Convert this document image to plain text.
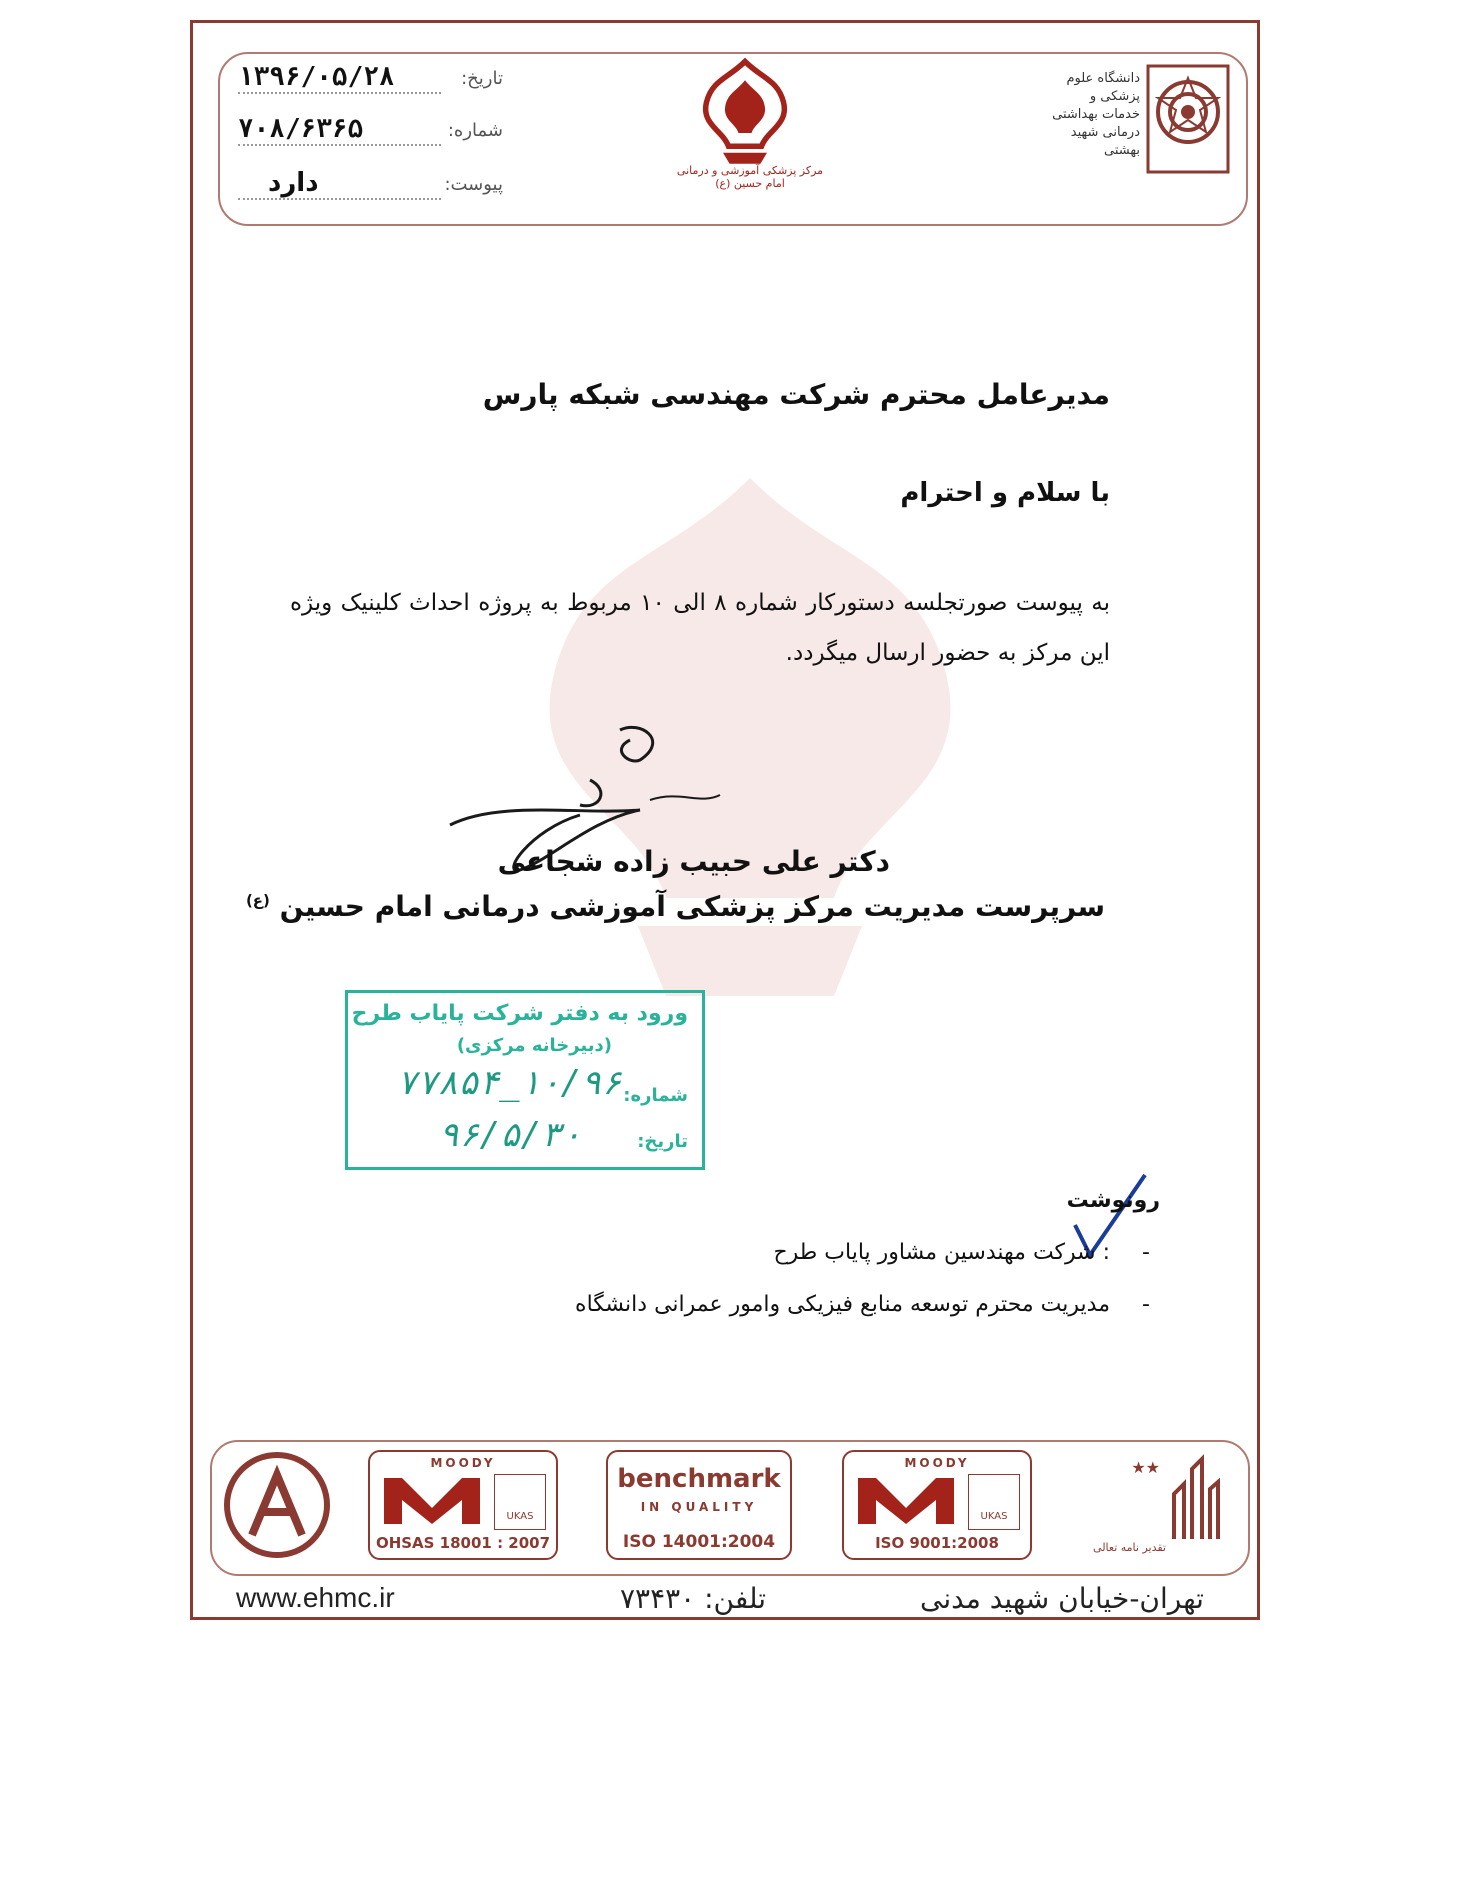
تاریخ:
۱۳۹۶/۰۵/۲۸
شماره:
۷۰۸/۶۳۶۵
پیوست:
دارد	مرکز پزشکی آموزشی و درمانی امام حسین (ع)
دانشگاه علوم پزشکی و خدمات بهداشتی درمانی شهید بهشتی
مدیرعامل محترم شرکت مهندسی شبکه پارس
با سلام و احترام
به پیوست صورتجلسه دستورکار شماره ۸ الی ۱۰ مربوط به پروژه احداث کلینیک ویژه این مرکز به حضور ارسال میگردد.
دکتر علی حبیب زاده شجاعی
سرپرست مدیریت مرکز پزشکی آموزشی درمانی امام حسین $^{(ع)}$
ورود به دفتر شرکت پایاب طرح
(دبیرخانه مرکزی)
شماره:
۱۰/۹۶_۷۷۸۵۴
تاریخ:
۹۶/۵/۳۰
رونوشت
-
: شرکت مهندسین مشاور پایاب طرح
-
مدیریت محترم توسعه منابع فیزیکی وامور عمرانی دانشگاه
MOODY
UKAS
OHSAS 18001 : 2007
benchmark
IN QUALITY
ISO 14001:2004
MOODY
UKAS
ISO 9001:2008
★★
تقدیر نامه تعالی
www.ehmc.ir	تلفن: ۷۳۴۳۰	تهران-خیابان شهید مدنی
